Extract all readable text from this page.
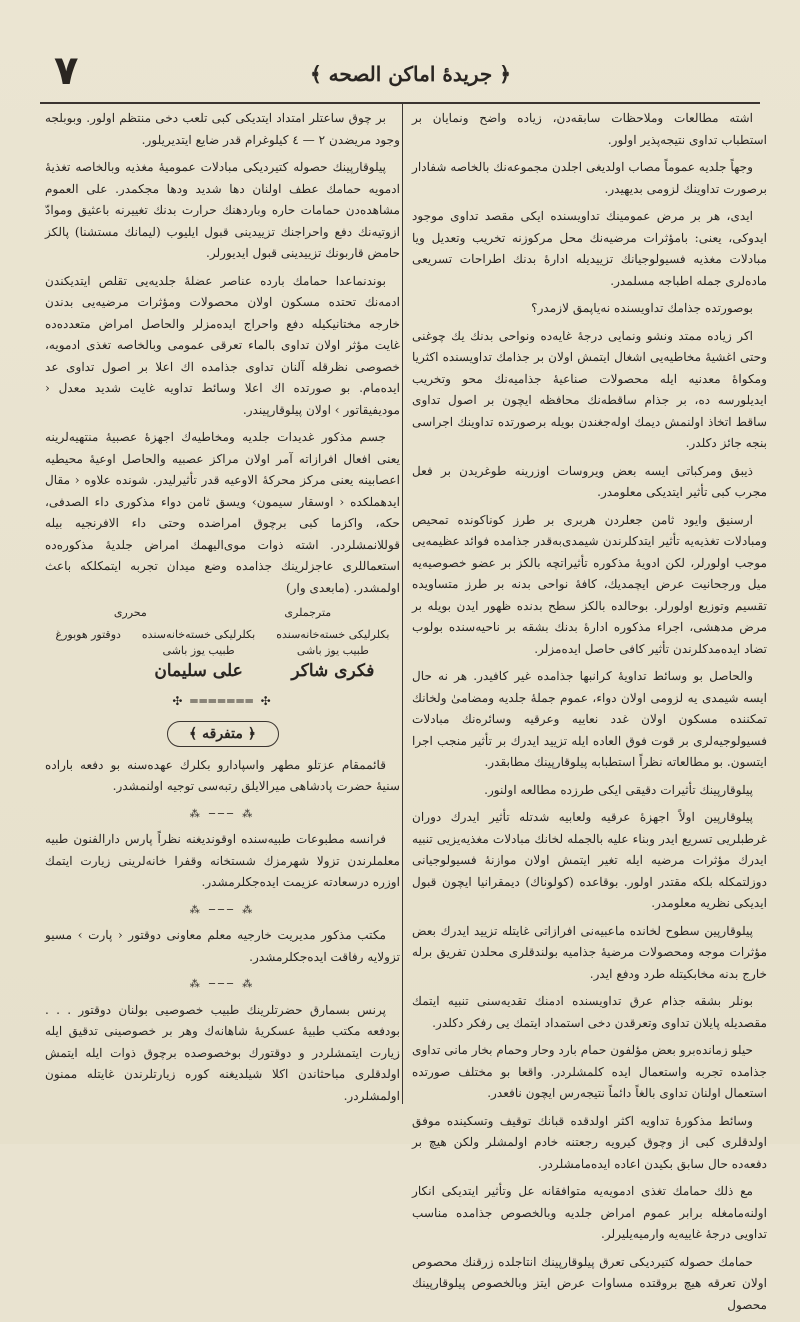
٧	﴿ جريدهٔ اماکن الصحه ﴾

اشته مطالعات وملاحظات سابقه‌دن، زیاده واضح ونمایان بر استطباب تداوی نتیجه‌پذیر اولور.

وجهاً جلدیه عموماً مصاب اولدیغی اجلدن مجموعه‌نك بالخاصه شفادار برصورت تداوینك لزومی بدیهیدر.

ایدی، هر بر مرض عمومینك تداویسنده ایکی مقصد تداوی موجود ایدوکی، یعنی: بامؤثرات مرضیه‌نك محل مرکوزنه تخریب وتعدیل ویا مبادلات مغذیه فسیولوجیانك تزییدیله ادارهٔ بدنك اطراحات تسریعی ماده‌لری جمله اطباجه مسلمدر.

بوصورتده جذامك تداویسنده نه‌یاپمق لازمدر؟

اکر زیاده ممتد ونشو ونمایی درجهٔ غایه‌ده ونواحی بدنك یك چوغنی وحتی اغشیهٔ مخاطیه‌یی اشغال ایتمش اولان بر جذامك تداویسنده اکثریا ومکواهٔ معدنیه ایله محصولات صناعیهٔ جذامیه‌نك محو وتخریب ایدیلورسه ده، بر جذام ساقطه‌نك محافظه ایچون بر اصول تداوی ساقط اتخاذ اولنمش دیمك اوله‌جغندن بویله برصورتده تداوینك اجراسی بنجه جائز دکلدر.

ذیبق ومرکباتی ایسه بعض ویروسات اوزرینه طوغریدن بر فعل مجرب کبی تأثیر ایتدیکی معلومدر.

ارسنیق وایود ثامن جعلردن هربری بر طرز کوناکونده تمحیص ومبادلات تغذیه‌یه تأثیر ایتدکلرندن شیمدی‌به‌قدر جذامده فوائد عظیمه‌یی موجب اولورلر، لکن ادویهٔ مذکوره تأثیراتچه بالکز بر عضو خصوصیه‌یه میل ورجحانیت عرض ایچمدیك، کافهٔ نواحی بدنه بر طرز متساویده تقسیم وتوزیع اولورلر. بوحالده بالکز سطح بدنده ظهور ایدن بویله بر مرض مدهشی، اجراء مذکوره ادارهٔ بدنك بشقه بر ناحیه‌سنده بولوب تضاد ایده‌مدکلرندن تأثیر کافی حاصل ایده‌مزلر.

والحاصل بو وسائط تداویهٔ کرانبها جذامده غیر کافیدر. هر نه حال ایسه شیمدی یه لزومی اولان دواء، عموم جملهٔ جلدیه ومضامیٰ ولخانك تمکننده مسکون اولان غدد نعاییه وعرقیه وسائره‌نك مبادلات فسیولوجیه‌لری بر قوت فوق العاده ایله تزیید ایدرك بر تأثیر منجب اجرا ایتسون. بو مطالعاته نظراً استطبابه پیلوقارپینك مطابقدر.

پیلوقارپینك تأثیرات دقیقی ایکی طرزده مطالعه اولنور.

پیلوقارپین اولاً اجهزهٔ عرقیه ولعابیه شدتله تأثیر ایدرك دوران غرطبلریی تسریع ایدر وبناء علیه بالجمله لخانك مبادلات مغذیه‌یزیی تنبیه ایدرك مؤثرات مرضیه ایله تغیر ایتمش اولان موازنهٔ فسیولوجیانی دوزلتمکله بلکه مقتدر اولور. بوقاعده (کولوناك) دیمقرانیا ایچون قبول ایدیکی نظریه معلومدر.

پیلوقارپین سطوح لخانده ماعبیه‌نی افرازاتی غایتله تزیید ایدرك بعض مؤثرات موجه ومحصولات مرضیهٔ جذامیه بولندقلری محلدن تفریق برله خارج بدنه مخابکیتله طرد ودفع ایدر.

بونلر بشقه جذام عرق تداویسنده ادمنك تقدیه‌سنی تنبیه ایتمك مقصدیله پایلان تداوی وتعرقدن دخی استمداد ایتمك یی رفکر دکلدر.

حیلو زمانده‌برو بعض مؤلفون حمام بارد وحار وحمام بخار مانی تداوی جذامده تجربه واستعمال ایده کلمشلردر. واقعا بو مختلف صورتده استعمال اولنان تداوی بالغاً دائماً نتیجه‌رس ایچون نافعدر.

وسائط مذکورهٔ تداویه اکثر اولدقده قبانك توقیف وتسکینده موفق اولدقلری کبی از وچوق کیرویه رجعتنه خادم اولمشلر ولکن هیچ بر دفعه‌ده حال سابق بکیدن اعاده ایده‌مامشلردر.

مع ذلك حمامك تغذی ادمویه‌یه متوافقانه عل وتأثیر ایتدیکی انکار اولنه‌مامغله برابر عموم امراض جلدیه وبالخصوص جذامده مناسب تداویی درجهٔ غاییه‌یه وارمیه‌یلیرلر.

حمامك حصوله کتیردیکی تعرق پیلوقارپینك انتاجلده زرقنك محصوص اولان تعرقه هیچ بروقتده مساوات عرض ایتز وبالخصوص پیلوقارپینك محصول

بر چوق ساعتلر امتداد ایتدیکی کبی تلعب دخی منتظم اولور. وبوبلجه وجود مریضدن ٢ — ٤ کیلوغرام قدر ضایع ایتدیریلور.

پیلوقارپینك حصوله کتیردیکی مبادلات عمومیهٔ مغذیه وبالخاصه تغذیهٔ ادمویه حمامك عطف اولنان دها شدید ودها مجکمدر. علی العموم مشاهده‌دن حمامات حاره وباردهنك حرارت بدنك تغییرنه باعثیق وموادّ ازوتیه‌نك دفع واحراجنك تزییدینی قبول ایلیوب (لیمانك مستشنا) پالکز حامض قاربونك تزییدینی قبول ایدیورلر.

بوندنماعدا حمامك بارده عناصر عضلهٔ جلدیه‌یی تقلص ایتدیکندن ادمه‌نك تحتده مسکون اولان محصولات ومؤثرات مرضیه‌یی بدندن خارجه مختانیکیله دفع واحراج ایده‌مزلر والحاصل امراض متعدده‌ده غایت مؤثر اولان تداوی بالماء تعرقی عمومی وبالخاصه تغذی ادمویه، خصوصی نظرقله آلنان تداوی جذامده اك اعلا بر اصول تداوی عد ایده‌مام. بو صورتده اك اعلا وسائط تداویه غایت شدید معدل ‹ مودیفیقاتور › اولان پیلوقارپیندر.

جسم مذکور غدیدات جلدیه ومخاطیه‌ك اجهزهٔ عصبیهٔ منتهیه‌لرینه یعنی افعال افرازاته آمر اولان مراکز عصبیه والحاصل اوعیهٔ محیطیه اعصابینه یعنی مرکز محرکهٔ الاوعیه قدر تأثیرلیدر. شونده علاوه ‹ مقال ایدهملکده ‹ اوسقار سیمون› ویسق ثامن دواء مذکوری داء الصدفی، حکه، واکزما کبی برچوق امراضده وحتی داء الافرنجیه بیله قوللانمشلردر. اشته ذوات موی‌الیهمك امراض جلدیهٔ مذکوره‌ده استعماللری عاجزلرینك جذامده وضع میدان تجربه ایتمکلکه باعث اولمشدر. (مابعدی وار)

مترجملری
محرری
بکلرلیکی خسته‌خانه‌سنده
طبیب یوز باشی
فکری شاکر
بکلرلیکی خسته‌خانه‌سنده
طبیب یوز باشی
علی سلیمان
دوقتور هوبورغ
✣ ═══════ ✣
﴿ متفرقه ﴾

قائممقام عزتلو مطهر واسپادارو بکلرك عهده‌سنه بو دفعه باراده سنیهٔ حضرت پادشاهی میرالایلق رتبه‌سی توجیه اولنمشدر.

⁂ ─── ⁂

فرانسه مطبوعات طبیه‌سنده اوقوندیغنه نظراً پارس دارالفنون طبیه معلملرندن تزولا شهرمزك شستخانه وقفرا خانه‌لرینی زیارت ایتمك اوزره درسعادته عزیمت ایده‌جکلرمشدر.

⁂ ─── ⁂

مکتب مذکور مدیریت خارجیه معلم معاونی دوقتور ‹ پارت › مسیو تزولایه رفاقت ایده‌جکلرمشدر.

⁂ ─── ⁂

پرنس بسمارق حضرتلرینك طبیب خصوصیی بولنان دوقتور . . . بودفعه مکتب طبیهٔ عسکریهٔ شاهانه‌ك وهر بر خصوصینی تدقیق ایله زیارت ایتمشلردر و دوقتورك بوخصوصده برچوق ذوات ایله ایتمش اولدقلری مباحثاندن اکلا شیلدیغنه کوره زیارتلرندن غایتله ممنون اولمشلردر.
